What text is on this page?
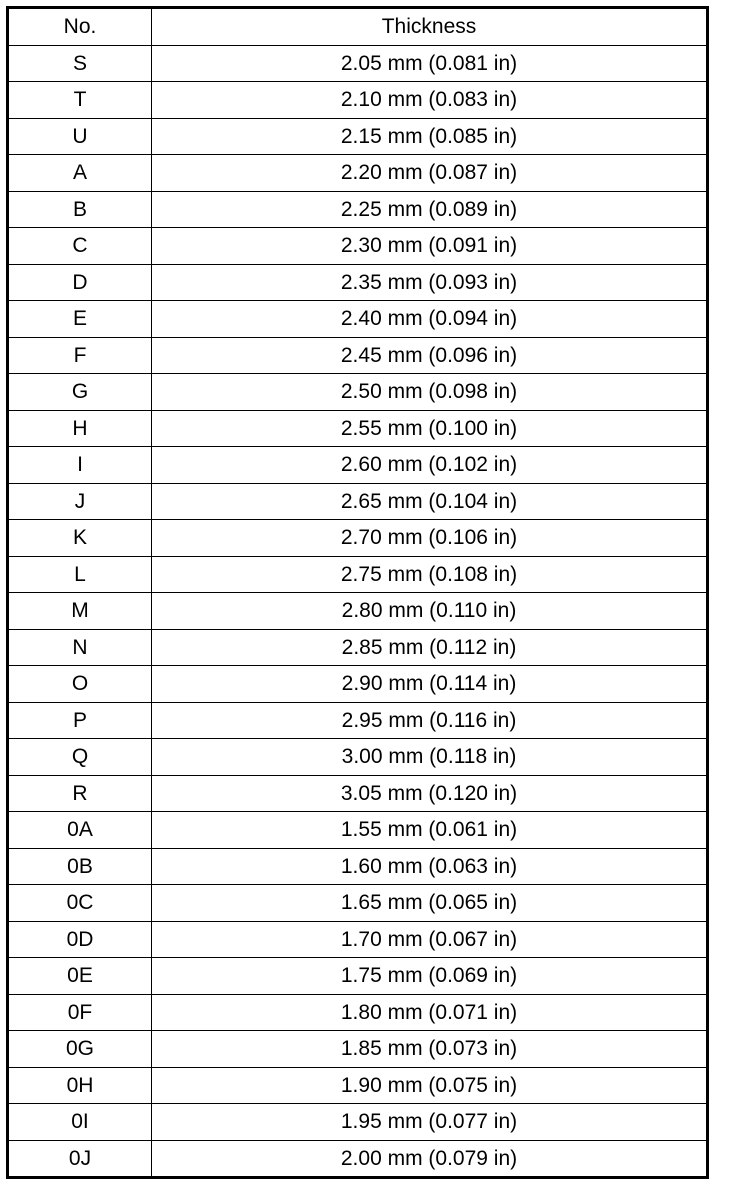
No.	Thickness
S	2.05 mm (0.081 in)
T	2.10 mm (0.083 in)
U	2.15 mm (0.085 in)
A	2.20 mm (0.087 in)
B	2.25 mm (0.089 in)
C	2.30 mm (0.091 in)
D	2.35 mm (0.093 in)
E	2.40 mm (0.094 in)
F	2.45 mm (0.096 in)
G	2.50 mm (0.098 in)
H	2.55 mm (0.100 in)
I	2.60 mm (0.102 in)
J	2.65 mm (0.104 in)
K	2.70 mm (0.106 in)
L	2.75 mm (0.108 in)
M	2.80 mm (0.110 in)
N	2.85 mm (0.112 in)
O	2.90 mm (0.114 in)
P	2.95 mm (0.116 in)
Q	3.00 mm (0.118 in)
R	3.05 mm (0.120 in)
0A	1.55 mm (0.061 in)
0B	1.60 mm (0.063 in)
0C	1.65 mm (0.065 in)
0D	1.70 mm (0.067 in)
0E	1.75 mm (0.069 in)
0F	1.80 mm (0.071 in)
0G	1.85 mm (0.073 in)
0H	1.90 mm (0.075 in)
0I	1.95 mm (0.077 in)
0J	2.00 mm (0.079 in)
